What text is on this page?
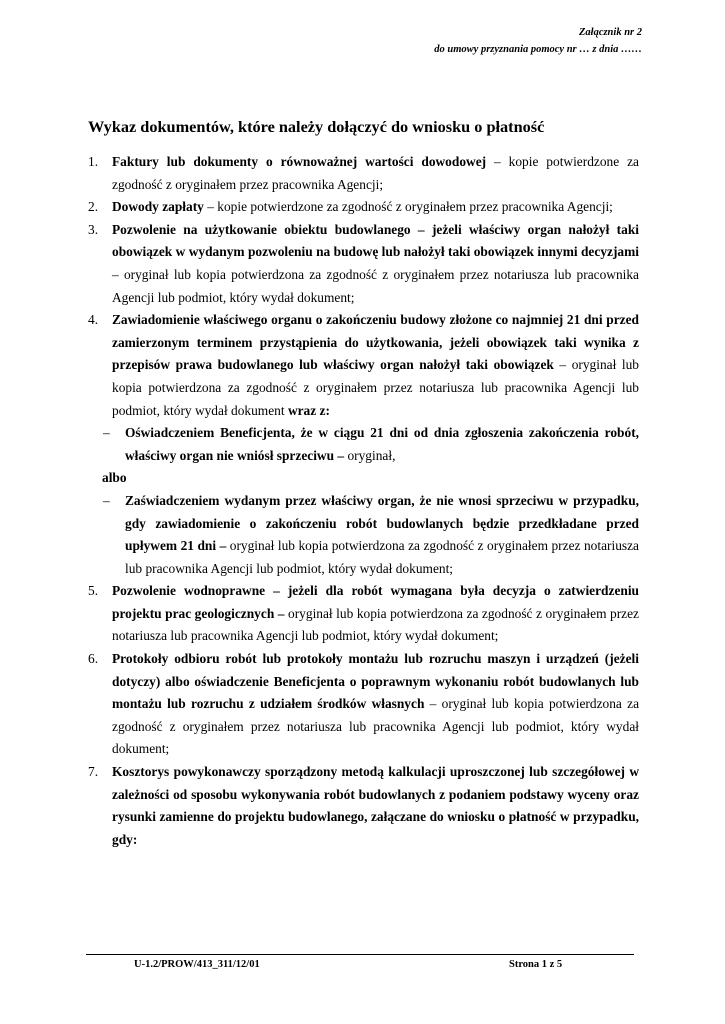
Załącznik nr 2
do umowy przyznania pomocy nr … z dnia ……
Wykaz dokumentów, które należy dołączyć do wniosku o płatność
1. Faktury lub dokumenty o równoważnej wartości dowodowej – kopie potwierdzone za zgodność z oryginałem przez pracownika Agencji;
2. Dowody zapłaty – kopie potwierdzone za zgodność z oryginałem przez pracownika Agencji;
3. Pozwolenie na użytkowanie obiektu budowlanego – jeżeli właściwy organ nałożył taki obowiązek w wydanym pozwoleniu na budowę lub nałożył taki obowiązek innymi decyzjami – oryginał lub kopia potwierdzona za zgodność z oryginałem przez notariusza lub pracownika Agencji lub podmiot, który wydał dokument;
4. Zawiadomienie właściwego organu o zakończeniu budowy złożone co najmniej 21 dni przed zamierzonym terminem przystąpienia do użytkowania, jeżeli obowiązek taki wynika z przepisów prawa budowlanego lub właściwy organ nałożył taki obowiązek – oryginał lub kopia potwierdzona za zgodność z oryginałem przez notariusza lub pracownika Agencji lub podmiot, który wydał dokument wraz z:
– Oświadczeniem Beneficjenta, że w ciągu 21 dni od dnia zgłoszenia zakończenia robót, właściwy organ nie wniósł sprzeciwu – oryginał,
albo
– Zaświadczeniem wydanym przez właściwy organ, że nie wnosi sprzeciwu w przypadku, gdy zawiadomienie o zakończeniu robót budowlanych będzie przedkładane przed upływem 21 dni – oryginał lub kopia potwierdzona za zgodność z oryginałem przez notariusza lub pracownika Agencji lub podmiot, który wydał dokument;
5. Pozwolenie wodnoprawne – jeżeli dla robót wymagana była decyzja o zatwierdzeniu projektu prac geologicznych – oryginał lub kopia potwierdzona za zgodność z oryginałem przez notariusza lub pracownika Agencji lub podmiot, który wydał dokument;
6. Protokoły odbioru robót lub protokoły montażu lub rozruchu maszyn i urządzeń (jeżeli dotyczy) albo oświadczenie Beneficjenta o poprawnym wykonaniu robót budowlanych lub montażu lub rozruchu z udziałem środków własnych – oryginał lub kopia potwierdzona za zgodność z oryginałem przez notariusza lub pracownika Agencji lub podmiot, który wydał dokument;
7. Kosztorys powykonawczy sporządzony metodą kalkulacji uproszczonej lub szczegółowej w zależności od sposobu wykonywania robót budowlanych z podaniem podstawy wyceny oraz rysunki zamienne do projektu budowlanego, załączane do wniosku o płatność w przypadku, gdy:
U-1.2/PROW/413_311/12/01	Strona 1 z 5
